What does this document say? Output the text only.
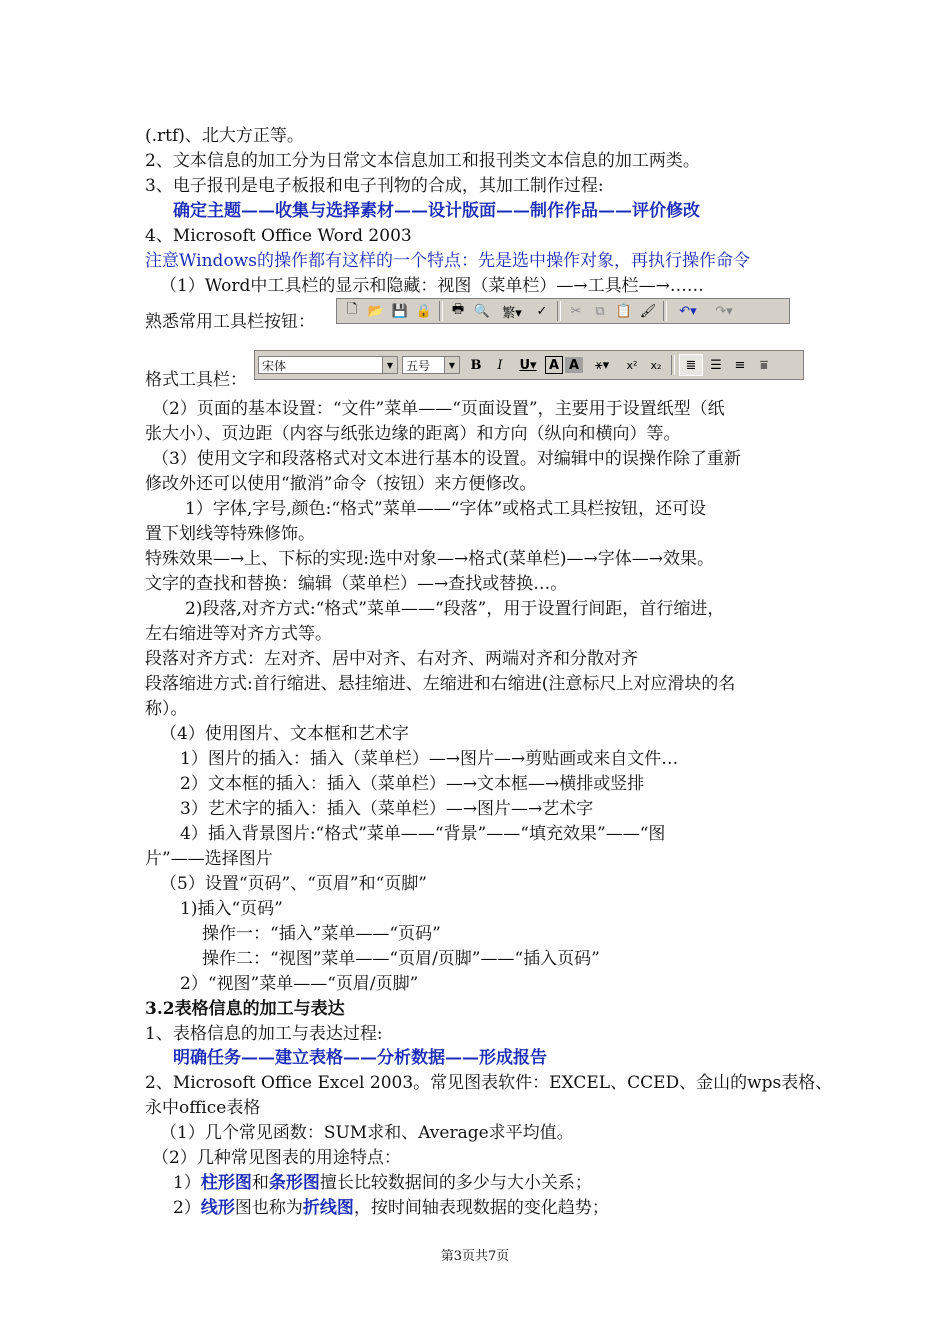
(.rtf)、北大方正等。
2、文本信息的加工分为日常文本信息加工和报刊类文本信息的加工两类。
3、电子报刊是电子板报和电子刊物的合成，其加工制作过程:
确定主题——收集与选择素材——设计版面——制作作品——评价修改
4、Microsoft Office Word 2003
注意Windows的操作都有这样的一个特点：先是选中操作对象，再执行操作命令
（1）Word中工具栏的显示和隐藏：视图（菜单栏）—→工具栏—→……
熟悉常用工具栏按钮：
🗋 📂 💾 🔒	🖶 🔍 繁▾	✓	✂	⧉ 📋 🖌	↶▾	↷▾
格式工具栏：
宋体	▼	五号	▼	B	I	U▾ A A	⚹▾	x²	x₂	≣	☰ ≡	⩸
（2）页面的基本设置：“文件”菜单——“页面设置”，主要用于设置纸型（纸
张大小）、页边距（内容与纸张边缘的距离）和方向（纵向和横向）等。
（3）使用文字和段落格式对文本进行基本的设置。对编辑中的误操作除了重新
修改外还可以使用“撤消”命令（按钮）来方便修改。
1）字体,字号,颜色:“格式”菜单——“字体”或格式工具栏按钮，还可设
置下划线等特殊修饰。
特殊效果—→上、下标的实现:选中对象—→格式(菜单栏)—→字体—→效果。
文字的查找和替换：编辑（菜单栏）—→查找或替换…。
2)段落,对齐方式:“格式”菜单——“段落”，用于设置行间距，首行缩进，
左右缩进等对齐方式等。
段落对齐方式：左对齐、居中对齐、右对齐、两端对齐和分散对齐
段落缩进方式:首行缩进、悬挂缩进、左缩进和右缩进(注意标尺上对应滑块的名
称）。
（4）使用图片、文本框和艺术字
1）图片的插入：插入（菜单栏）—→图片—→剪贴画或来自文件…
2）文本框的插入：插入（菜单栏）—→文本框—→横排或竖排
3）艺术字的插入：插入（菜单栏）—→图片—→艺术字
4）插入背景图片:“格式”菜单——“背景”——“填充效果”——“图
片”——选择图片
（5）设置“页码”、“页眉”和“页脚”
1)插入“页码”
操作一：“插入”菜单——“页码”
操作二：“视图”菜单——“页眉/页脚”——“插入页码”
2）“视图”菜单——“页眉/页脚”
3.2表格信息的加工与表达
1、表格信息的加工与表达过程:
明确任务——建立表格——分析数据——形成报告
2、Microsoft Office Excel 2003。常见图表软件：EXCEL、CCED、金山的wps表格、
永中office表格
（1）几个常见函数：SUM求和、Average求平均值。
（2）几种常见图表的用途特点：
1）柱形图和条形图擅长比较数据间的多少与大小关系；
2）线形图也称为折线图，按时间轴表现数据的变化趋势；
第3页共7页
